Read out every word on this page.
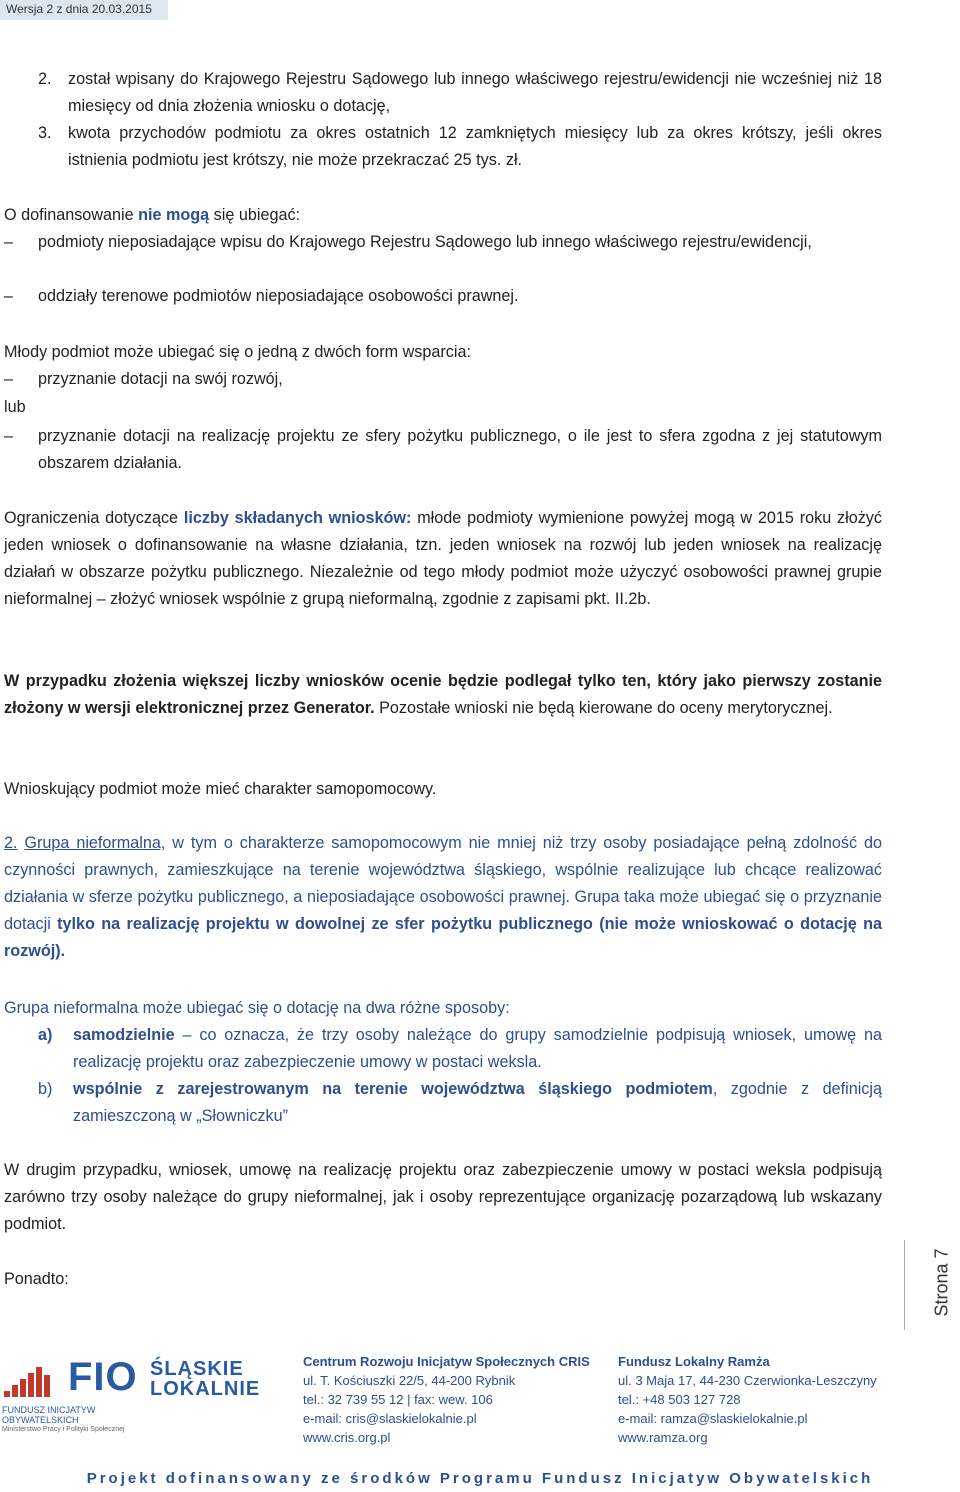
Wersja 2 z dnia 20.03.2015
2.	został wpisany do Krajowego Rejestru Sądowego lub innego właściwego rejestru/ewidencji nie wcześniej niż 18 miesięcy od dnia złożenia wniosku o dotację,
3.	kwota przychodów podmiotu za okres ostatnich 12 zamkniętych miesięcy lub za okres krótszy, jeśli okres istnienia podmiotu jest krótszy, nie może przekraczać 25 tys. zł.
O dofinansowanie nie mogą się ubiegać:
–	podmioty nieposiadające wpisu do Krajowego Rejestru Sądowego lub innego właściwego rejestru/ewidencji,
–	oddziały terenowe podmiotów nieposiadające osobowości prawnej.
Młody podmiot może ubiegać się o jedną z dwóch form wsparcia:
–	przyznanie dotacji na swój rozwój,
lub
–	przyznanie dotacji na realizację projektu ze sfery pożytku publicznego, o ile jest to sfera zgodna z jej statutowym obszarem działania.
Ograniczenia dotyczące liczby składanych wniosków: młode podmioty wymienione powyżej mogą w 2015 roku złożyć jeden wniosek o dofinansowanie na własne działania, tzn. jeden wniosek na rozwój lub jeden wniosek na realizację działań w obszarze pożytku publicznego. Niezależnie od tego młody podmiot może użyczyć osobowości prawnej grupie nieformalnej – złożyć wniosek wspólnie z grupą nieformalną, zgodnie z zapisami pkt. II.2b.
W przypadku złożenia większej liczby wniosków ocenie będzie podlegał tylko ten, który jako pierwszy zostanie złożony w wersji elektronicznej przez Generator. Pozostałe wnioski nie będą kierowane do oceny merytorycznej.
Wnioskujący podmiot może mieć charakter samopomocowy.
2. Grupa nieformalna, w tym o charakterze samopomocowym nie mniej niż trzy osoby posiadające pełną zdolność do czynności prawnych, zamieszkujące na terenie województwa śląskiego, wspólnie realizujące lub chcące realizować działania w sferze pożytku publicznego, a nieposiadające osobowości prawnej. Grupa taka może ubiegać się o przyznanie dotacji tylko na realizację projektu w dowolnej ze sfer pożytku publicznego (nie może wnioskować o dotację na rozwój).
Grupa nieformalna może ubiegać się o dotację na dwa różne sposoby:
a)	samodzielnie – co oznacza, że trzy osoby należące do grupy samodzielnie podpisują wniosek, umowę na realizację projektu oraz zabezpieczenie umowy w postaci weksla.
b)	wspólnie z zarejestrowanym na terenie województwa śląskiego podmiotem, zgodnie z definicją zamieszczoną w „Słowniczku”
W drugim przypadku, wniosek, umowę na realizację projektu oraz zabezpieczenie umowy w postaci weksla podpisują zarówno trzy osoby należące do grupy nieformalnej, jak i osoby reprezentujące organizację pozarządową lub wskazany podmiot.
Ponadto:	Strona 7
FIO
FUNDUSZ INICJATYW OBYWATELSKICH
Ministerstwo Pracy i Polityki Społecznej
ŚLĄSKIE
LOKALNIE
Centrum Rozwoju Inicjatyw Społecznych CRIS
ul. T. Kościuszki 22/5, 44-200 Rybnik
tel.: 32 739 55 12 | fax: wew. 106
e-mail: cris@slaskielokalnie.pl
www.cris.org.pl
Fundusz Lokalny Ramża
ul. 3 Maja 17, 44-230 Czerwionka-Leszczyny
tel.: +48 503 127 728
e-mail: ramza@slaskielokalnie.pl
www.ramza.org
Projekt dofinansowany ze środków Programu Fundusz Inicjatyw Obywatelskich
